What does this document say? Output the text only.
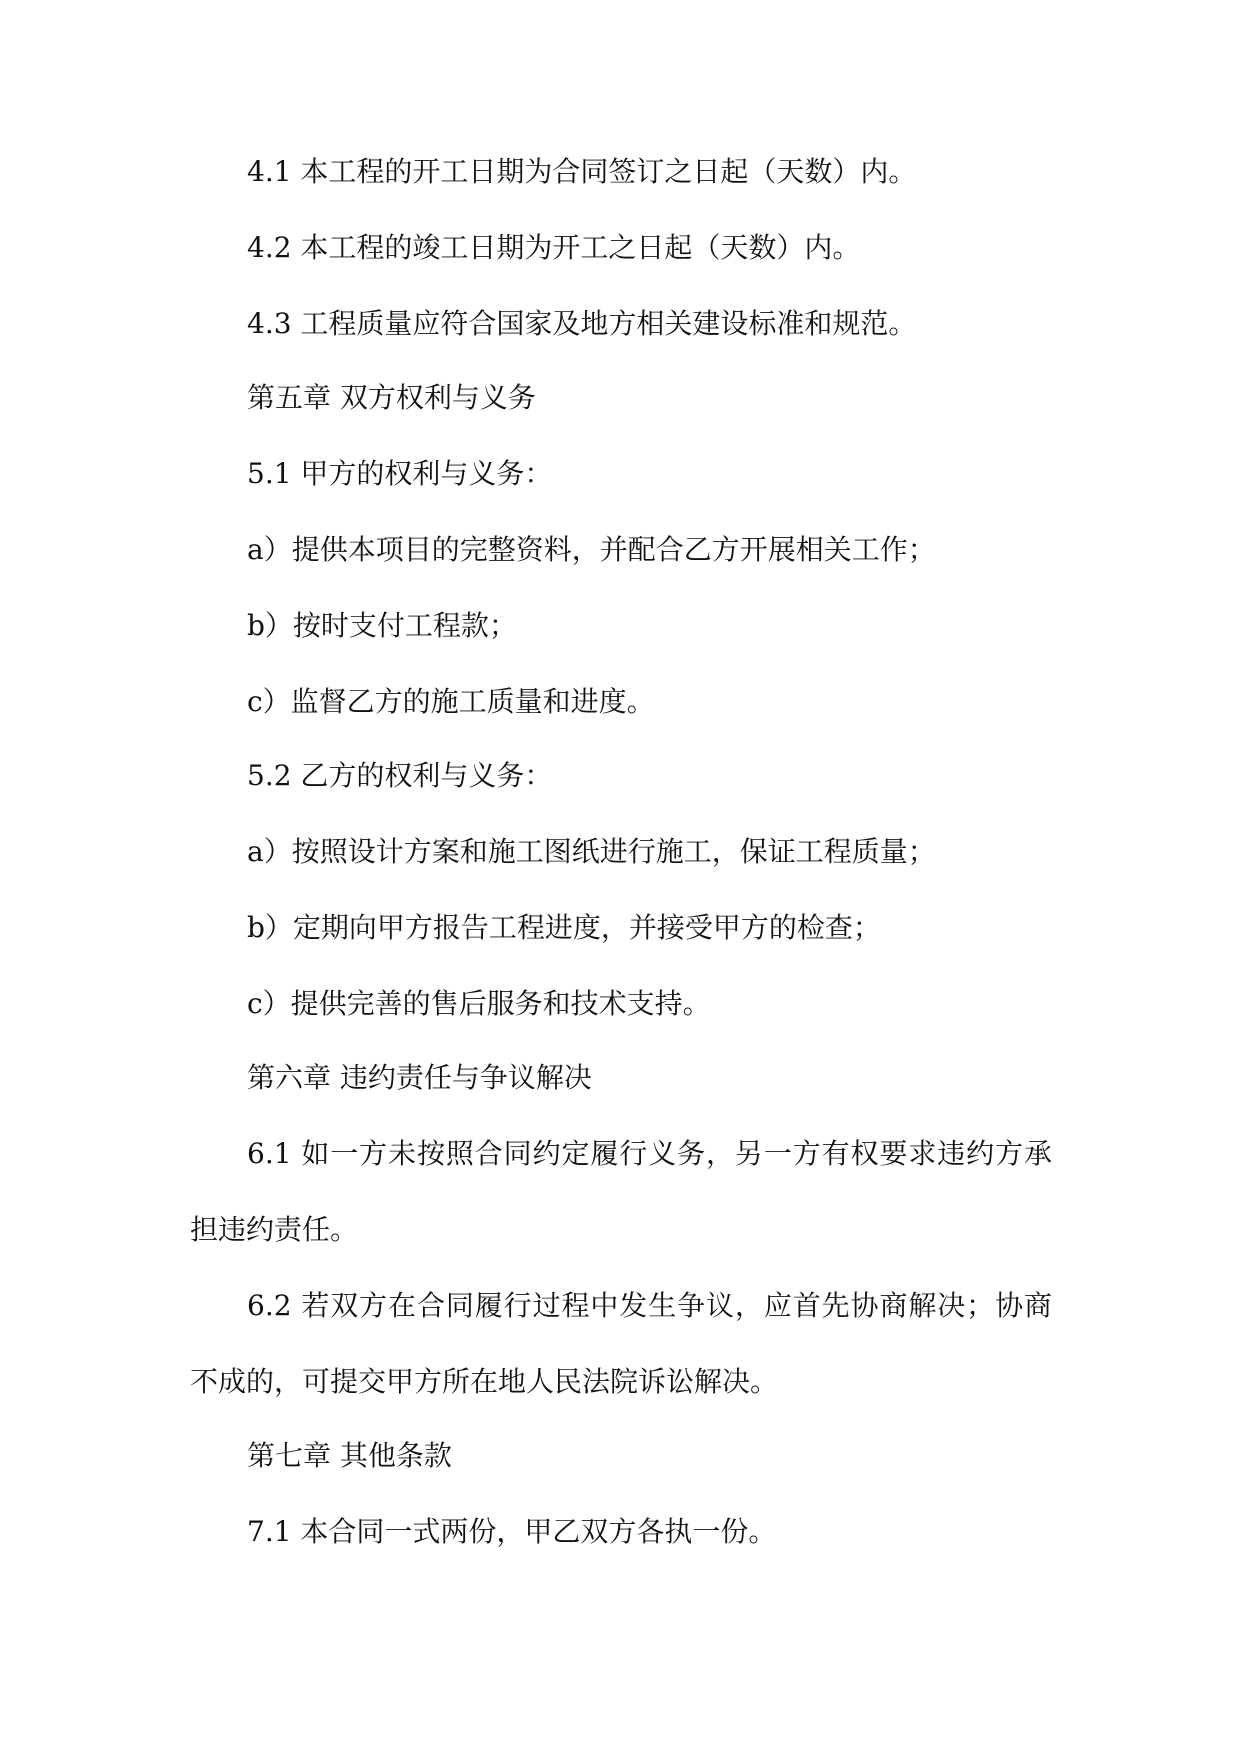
4.1 本工程的开工日期为合同签订之日起（天数）内。
4.2 本工程的竣工日期为开工之日起（天数）内。
4.3 工程质量应符合国家及地方相关建设标准和规范。
第五章 双方权利与义务
5.1 甲方的权利与义务：
a）提供本项目的完整资料，并配合乙方开展相关工作；
b）按时支付工程款；
c）监督乙方的施工质量和进度。
5.2 乙方的权利与义务：
a）按照设计方案和施工图纸进行施工，保证工程质量；
b）定期向甲方报告工程进度，并接受甲方的检查；
c）提供完善的售后服务和技术支持。
第六章 违约责任与争议解决
6.1 如一方未按照合同约定履行义务，另一方有权要求违约方承
担违约责任。
6.2 若双方在合同履行过程中发生争议，应首先协商解决；协商
不成的，可提交甲方所在地人民法院诉讼解决。
第七章 其他条款
7.1 本合同一式两份，甲乙双方各执一份。
